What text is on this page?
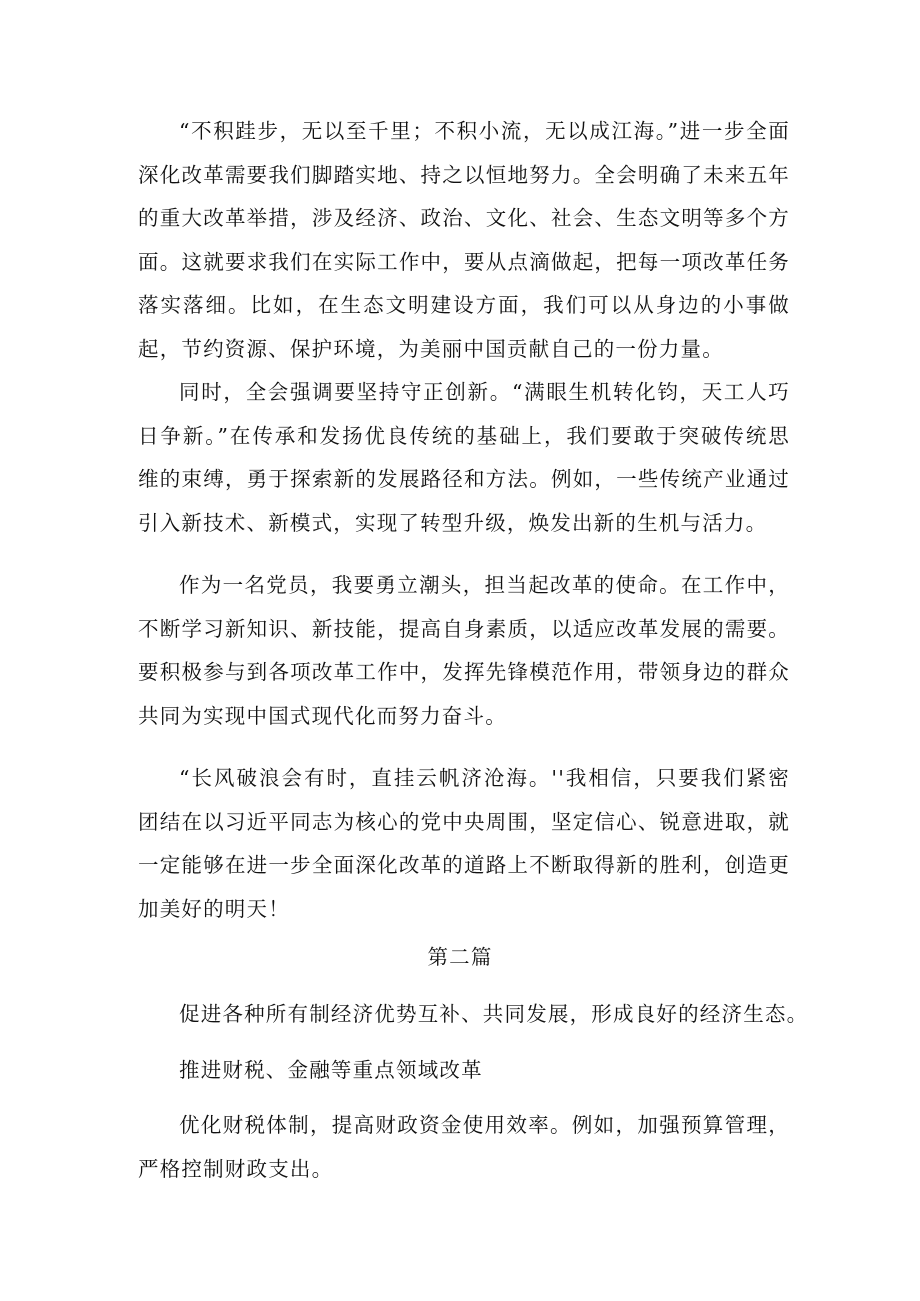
“不积跬步，无以至千里；不积小流，无以成江海。”进一步全面深化改革需要我们脚踏实地、持之以恒地努力。全会明确了未来五年的重大改革举措，涉及经济、政治、文化、社会、生态文明等多个方面。这就要求我们在实际工作中，要从点滴做起，把每一项改革任务落实落细。比如，在生态文明建设方面，我们可以从身边的小事做起，节约资源、保护环境，为美丽中国贡献自己的一份力量。

同时，全会强调要坚持守正创新。“满眼生机转化钧，天工人巧日争新。”在传承和发扬优良传统的基础上，我们要敢于突破传统思维的束缚，勇于探索新的发展路径和方法。例如，一些传统产业通过引入新技术、新模式，实现了转型升级，焕发出新的生机与活力。

作为一名党员，我要勇立潮头，担当起改革的使命。在工作中，不断学习新知识、新技能，提高自身素质，以适应改革发展的需要。要积极参与到各项改革工作中，发挥先锋模范作用，带领身边的群众共同为实现中国式现代化而努力奋斗。

“长风破浪会有时，直挂云帆济沧海。''我相信，只要我们紧密团结在以习近平同志为核心的党中央周围，坚定信心、锐意进取，就一定能够在进一步全面深化改革的道路上不断取得新的胜利，创造更加美好的明天！

第二篇

促进各种所有制经济优势互补、共同发展，形成良好的经济生态。

推进财税、金融等重点领域改革

优化财税体制，提高财政资金使用效率。例如，加强预算管理，严格控制财政支出。
